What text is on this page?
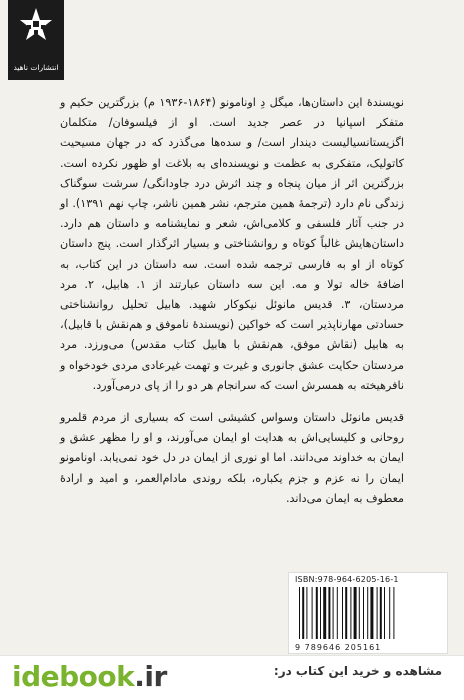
انتشارات ناهید

نویسندهٔ این داستان‌ها، میگل دِ اونامونو (۱۸۶۴-۱۹۳۶ م) بزرگترین حکیم و متفکر اسپانیا در عصر جدید است. او از فیلسوفان/ متکلمان اگزیستانسیالیست دیندار است/ و سده‌ها می‌گذرد که در جهان مسیحیت کاتولیک، متفکری به عظمت و نویسنده‌ای به بلاغت او ظهور نکرده است. بزرگترین اثر از میان پنجاه و چند اثرش درد جاودانگی/ سرشت سوگناک زندگی نام دارد (ترجمهٔ همین مترجم، نشر همین ناشر، چاپ نهم ۱۳۹۱). او در جنب آثار فلسفی و کلامی‌اش، شعر و نمایشنامه و داستان هم دارد. داستان‌هایش غالباً کوتاه و روانشناختی و بسیار اثرگذار است. پنج داستان کوتاه از او به فارسی ترجمه شده است. سه داستان در این کتاب، به اضافهٔ خاله تولا و مه. این سه داستان عبارتند از ۱. هابیل، ۲. مرد مردستان، ۳. قدیس مانوئل نیکوکار شهید. هابیل تحلیل روانشناختی حسادتی مهارناپذیر است که خواکین (نویسندهٔ ناموفق و هم‌نقش با قابیل)، به هابیل (نقاش موفق، هم‌نقش با هابیل کتاب مقدس) می‌ورزد. مرد مردستان حکایت عشق جانوری و غیرت و تهمت غیرعادی مردی خودخواه و نافرهیخته به همسرش است که سرانجام هر دو را از پای درمی‌آورد.

قدیس مانوئل داستان وسواس کشیشی است که بسیاری از مردم قلمرو روحانی و کلیسایی‌اش به هدایت او ایمان می‌آورند، و او را مظهر عشق و ایمان به خداوند می‌دانند. اما او نوری از ایمان در دل خود نمی‌یابد. اونامونو ایمان را نه عزم و جزم یکباره، بلکه روندی مادام‌العمر، و امید و ارادهٔ معطوف به ایمان می‌داند.

ISBN:978-964-6205-16-1
9 789646 205161
idebook.ir	مشاهده و خرید این کتاب در:
